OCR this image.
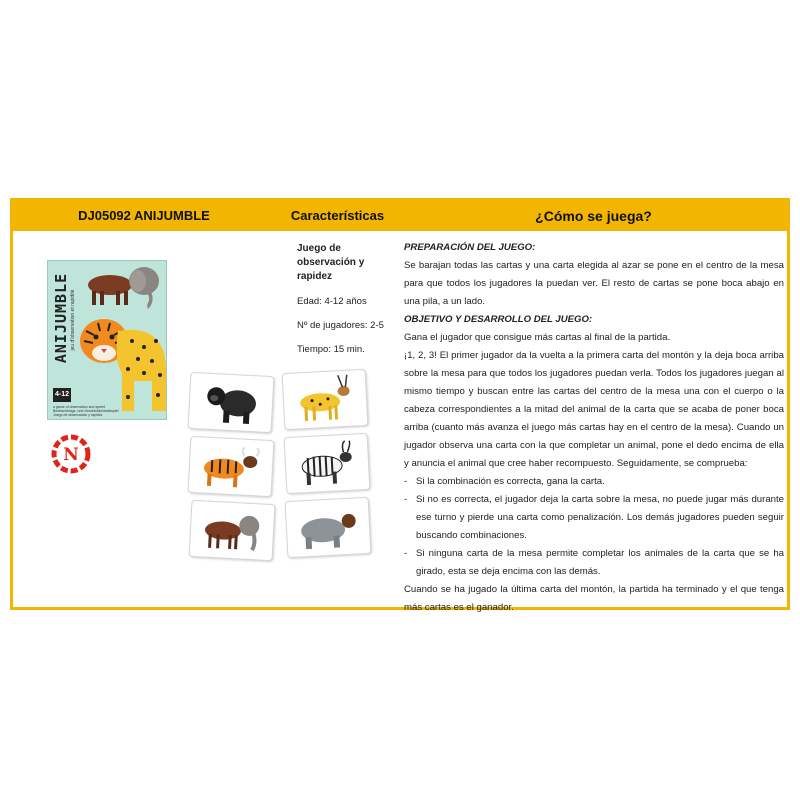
DJ05092 ANIJUMBLE	Características	¿Cómo se juega?
ANIJUMBLE jeu d'observation et rapidité
4-12
a game of observation and speed
Beobachtungs- und Geschicklichkeitsspiel
Juego de observación y rapidez
N

Juego de observación y rapidez

Edad: 4-12 años

Nº de jugadores: 2-5

Tiempo: 15 min.

PREPARACIÓN DEL JUEGO:

Se barajan todas las cartas y una carta elegida al azar se pone en el centro de la mesa para que todos los jugadores la puedan ver. El resto de cartas se pone boca abajo en una pila, a un lado.

OBJETIVO Y DESARROLLO DEL JUEGO:

Gana el jugador que consigue más cartas al final de la partida.

¡1, 2, 3! El primer jugador da la vuelta a la primera carta del montón y la deja boca arriba sobre la mesa para que todos los jugadores puedan verla. Todos los jugadores juegan al mismo tiempo y buscan entre las cartas del centro de la mesa una con el cuerpo o la cabeza correspondientes a la mitad del animal de la carta que se acaba de poner boca arriba (cuanto más avanza el juego más cartas hay en el centro de la mesa). Cuando un jugador observa una carta con la que completar un animal, pone el dedo encima de ella y anuncia el animal que cree haber recompuesto. Seguidamente, se comprueba:

- Si la combinación es correcta, gana la carta.
- Si no es correcta, el jugador deja la carta sobre la mesa, no puede jugar más durante ese turno y pierde una carta como penalización. Los demás jugadores pueden seguir buscando combinaciones.
- Si ninguna carta de la mesa permite completar los animales de la carta que se ha girado, esta se deja encima con las demás.

Cuando se ha jugado la última carta del montón, la partida ha terminado y el que tenga más cartas es el ganador.
